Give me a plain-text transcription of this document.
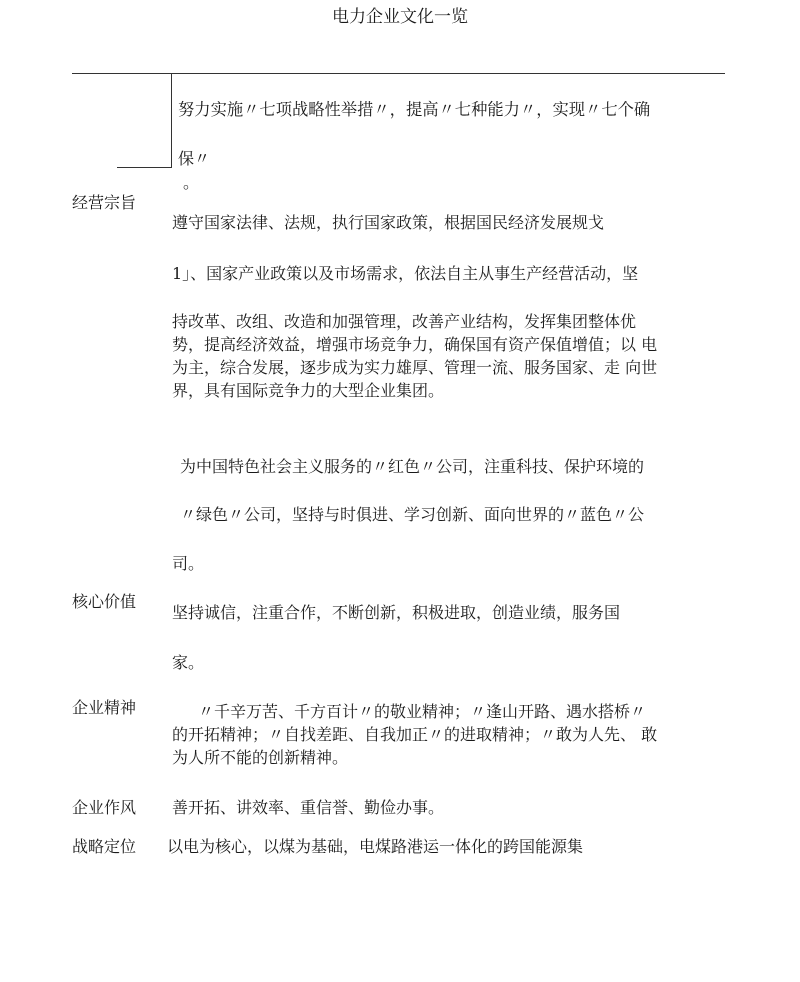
电力企业文化一览
努力实施〃七项战略性举措〃，提高〃七种能力〃，实现〃七个确
保〃
。
经营宗旨
遵守国家法律、法规，执行国家政策，根据国民经济发展规戈
1」、国家产业政策以及市场需求，依法自主从事生产经营活动，坚
持改革、改组、改造和加强管理，改善产业结构，发挥集团整体优
势，提高经济效益，增强市场竞争力，确保国有资产保值增值；以 电
为主，综合发展，逐步成为实力雄厚、管理一流、服务国家、走 向世
界，具有国际竞争力的大型企业集团。
为中国特色社会主义服务的〃红色〃公司，注重科技、保护环境的
〃绿色〃公司，坚持与时俱进、学习创新、面向世界的〃蓝色〃公
司。
核心价值
坚持诚信，注重合作，不断创新，积极进取，创造业绩，服务国
家。
企业精神	〃千辛万苦、千方百计〃的敬业精神；〃逢山开路、遇水搭桥〃
的开拓精神；〃自找差距、自我加正〃的进取精神；〃敢为人先、 敢
为人所不能的创新精神。
企业作风 善开拓、讲效率、重信誉、勤俭办事。
战略定位 以电为核心，以煤为基础，电煤路港运一体化的跨国能源集
